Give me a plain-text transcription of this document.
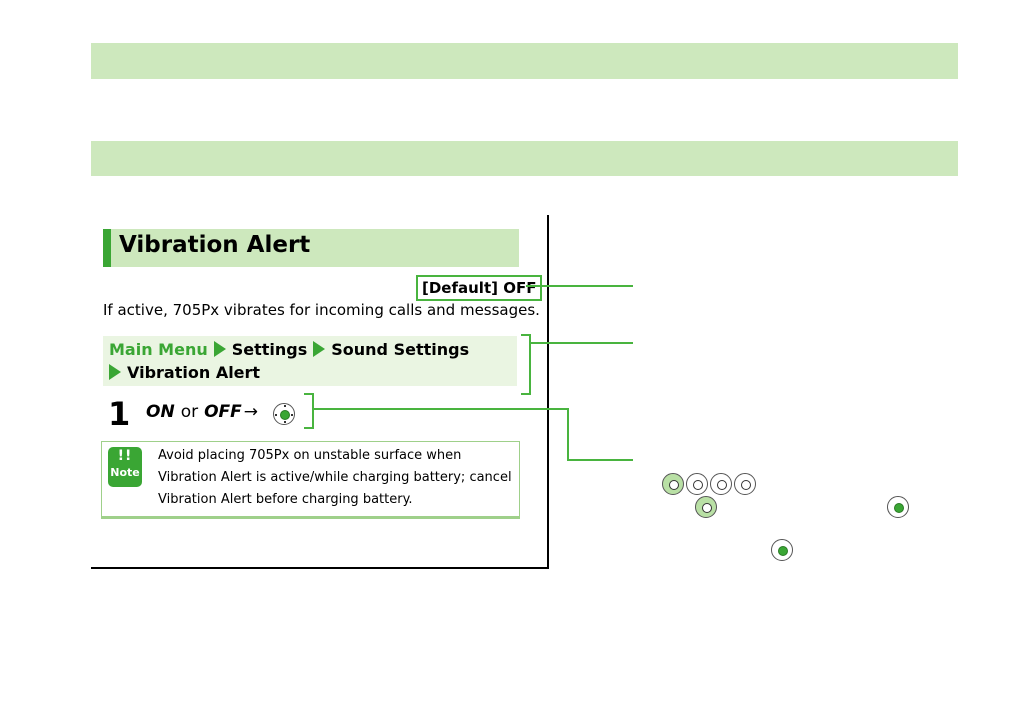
Vibration Alert
[Default] OFF
If active, 705Px vibrates for incoming calls and messages.
Main Menu Settings Sound Settings
Vibration Alert
1 ON or OFF →
!!
Note
Avoid placing 705Px on unstable surface when Vibration Alert is active/while charging battery; cancel Vibration Alert before charging battery.
